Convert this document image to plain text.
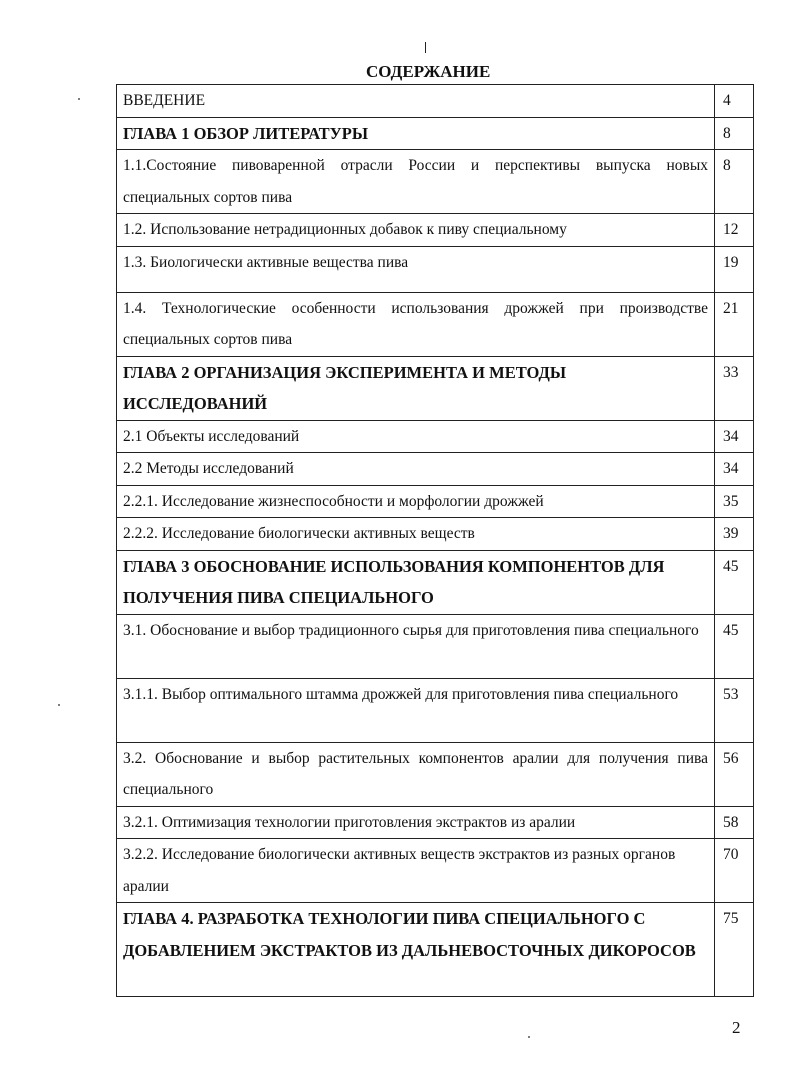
СОДЕРЖАНИЕ
ВВЕДЕНИЕ	4
ГЛАВА 1 ОБЗОР ЛИТЕРАТУРЫ	8
1.1.Состояние пивоваренной отрасли России и перспективы выпуска новых специальных сортов пива	8
1.2. Использование нетрадиционных добавок к пиву специальному	12
1.3. Биологически активные вещества пива	19
1.4. Технологические особенности использования дрожжей при производстве специальных сортов пива	21
ГЛАВА 2 ОРГАНИЗАЦИЯ ЭКСПЕРИМЕНТА И МЕТОДЫ ИССЛЕДОВАНИЙ	33
2.1 Объекты исследований	34
2.2 Методы исследований	34
2.2.1. Исследование жизнеспособности и морфологии дрожжей	35
2.2.2. Исследование биологически активных веществ	39
ГЛАВА 3 ОБОСНОВАНИЕ ИСПОЛЬЗОВАНИЯ КОМПОНЕНТОВ ДЛЯ ПОЛУЧЕНИЯ ПИВА СПЕЦИАЛЬНОГО	45
3.1. Обоснование и выбор традиционного сырья для приготовления пива специального	45
3.1.1. Выбор оптимального штамма дрожжей для приготовления пива специального	53
3.2. Обоснование и выбор растительных компонентов аралии для получения пива специального	56
3.2.1. Оптимизация технологии приготовления экстрактов из аралии	58
3.2.2. Исследование биологически активных веществ экстрактов из разных органов аралии	70
ГЛАВА 4. РАЗРАБОТКА ТЕХНОЛОГИИ ПИВА СПЕЦИАЛЬНОГО С ДОБАВЛЕНИЕМ ЭКСТРАКТОВ ИЗ ДАЛЬНЕВОСТОЧНЫХ ДИКОРОСОВ	75
2
